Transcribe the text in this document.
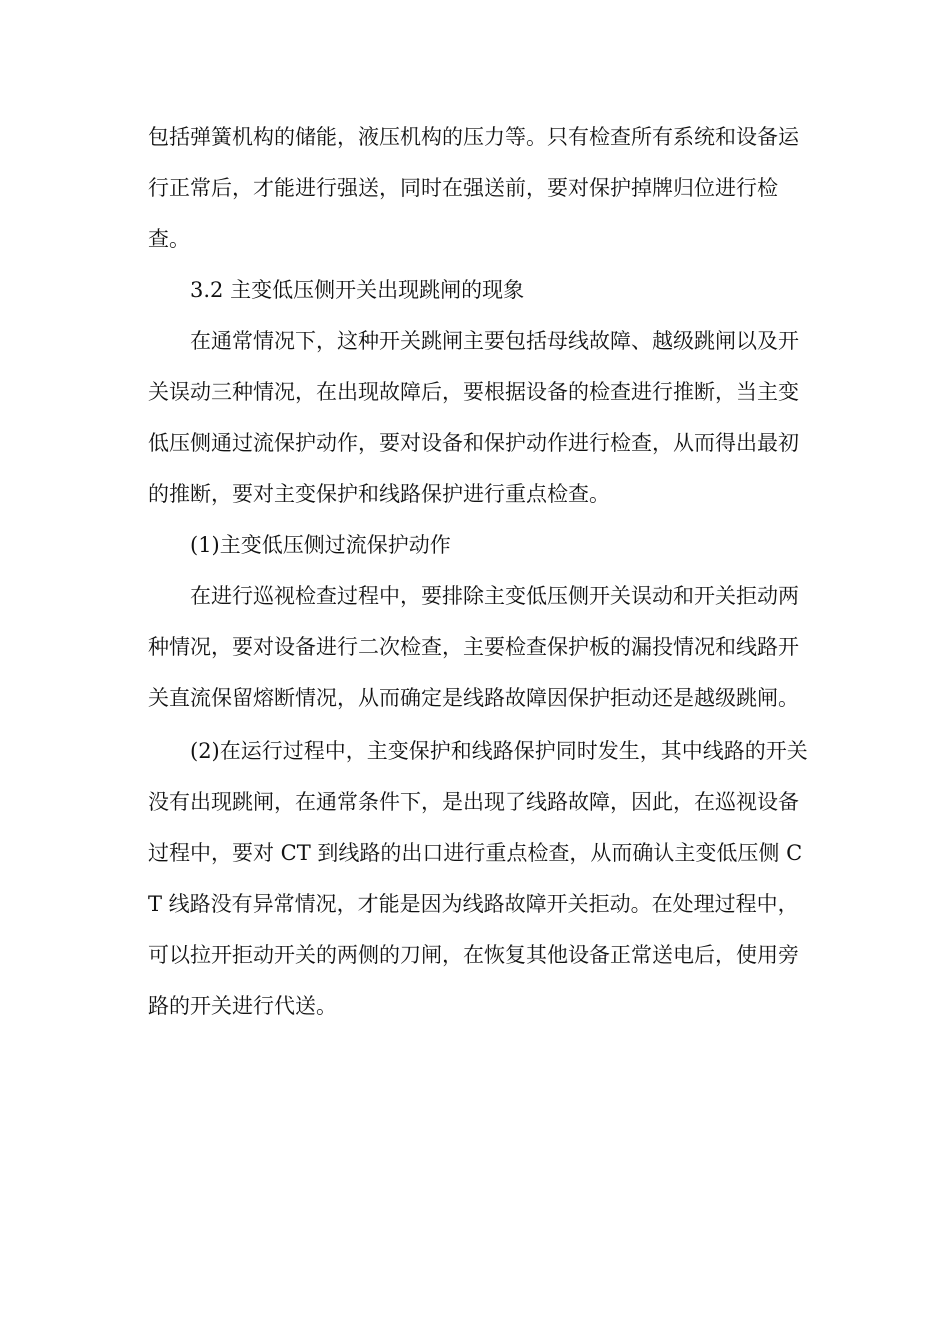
包括弹簧机构的储能，液压机构的压力等。只有检查所有系统和设备运行正常后，才能进行强送，同时在强送前，要对保护掉牌归位进行检查。

3.2 主变低压侧开关出现跳闸的现象

在通常情况下，这种开关跳闸主要包括母线故障、越级跳闸以及开关误动三种情况，在出现故障后，要根据设备的检查进行推断，当主变低压侧通过流保护动作，要对设备和保护动作进行检查，从而得出最初的推断，要对主变保护和线路保护进行重点检查。

(1)主变低压侧过流保护动作

在进行巡视检查过程中，要排除主变低压侧开关误动和开关拒动两种情况，要对设备进行二次检查，主要检查保护板的漏投情况和线路开关直流保留熔断情况，从而确定是线路故障因保护拒动还是越级跳闸。

(2)在运行过程中，主变保护和线路保护同时发生，其中线路的开关没有出现跳闸，在通常条件下，是出现了线路故障，因此，在巡视设备过程中，要对 CT 到线路的出口进行重点检查，从而确认主变低压侧 CT 线路没有异常情况，才能是因为线路故障开关拒动。在处理过程中，可以拉开拒动开关的两侧的刀闸，在恢复其他设备正常送电后，使用旁路的开关进行代送。
